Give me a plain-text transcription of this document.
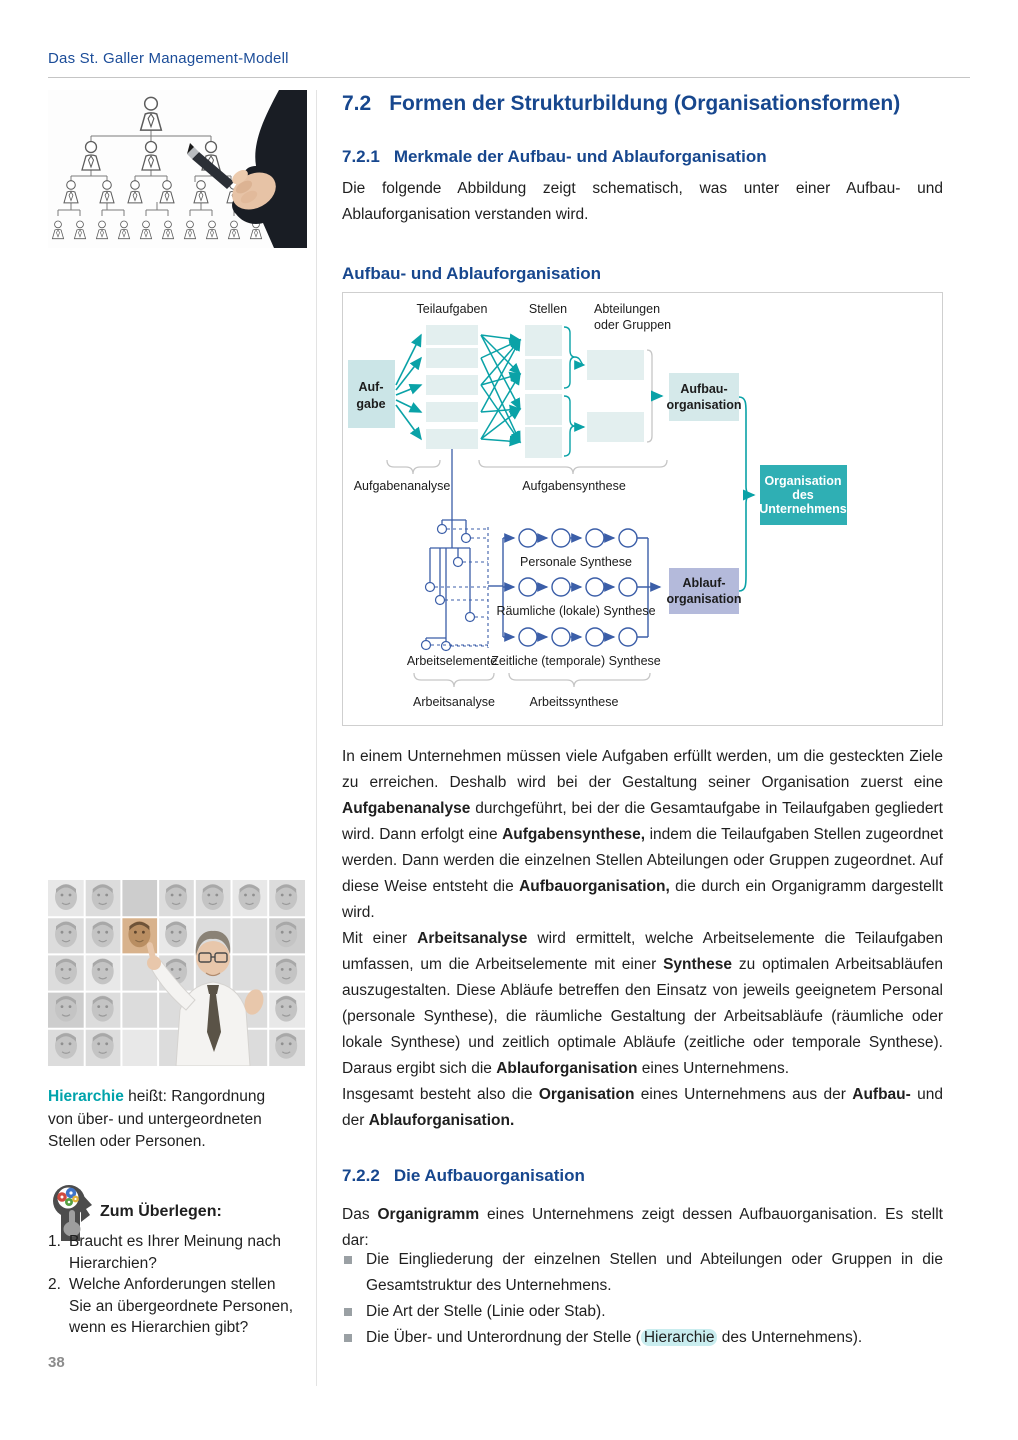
Das St. Galler Management-Modell
7.2 Formen der Strukturbildung (Organisationsformen)
7.2.1 Merkmale der Aufbau- und Ablauforganisation
Die folgende Abbildung zeigt schematisch, was unter einer Aufbau- und Ablauforganisation verstanden wird.
Aufbau- und Ablauforganisation
Teilaufgaben	Stellen Abteilungen
oder Gruppen
Auf-
gabe
Aufbau-
organisation
Organisation
des
Unternehmens
Ablauf-
organisation
Aufgabenanalyse	Aufgabensynthese
Personale Synthese
Räumliche (lokale) Synthese
Zeitliche (temporale) Synthese
Arbeitselemente
Arbeitsanalyse	Arbeitssynthese
In einem Unternehmen müssen viele Aufgaben erfüllt werden, um die gesteckten Ziele zu erreichen. Deshalb wird bei der Gestaltung seiner Organisation zuerst eine Aufgabenanalyse durchgeführt, bei der die Gesamtaufgabe in Teilaufgaben gegliedert wird. Dann erfolgt eine Aufgabensynthese, indem die Teilaufgaben Stellen zugeordnet werden. Dann werden die einzelnen Stellen Abteilungen oder Gruppen zugeordnet. Auf diese Weise entsteht die Aufbauorganisation, die durch ein Organigramm dargestellt wird.
Mit einer Arbeitsanalyse wird ermittelt, welche Arbeitselemente die Teilaufgaben umfassen, um die Arbeitselemente mit einer Synthese zu optimalen Arbeitsabläufen auszugestalten. Diese Abläufe betreffen den Einsatz von jeweils geeignetem Personal (personale Synthese), die räumliche Gestaltung der Arbeitsabläufe (räumliche oder lokale Synthese) und zeitlich optimale Abläufe (zeitliche oder temporale Synthese). Daraus ergibt sich die Ablauforganisation eines Unternehmens.
Insgesamt besteht also die Organisation eines Unternehmens aus der Aufbau- und der Ablauforganisation.
7.2.2 Die Aufbauorganisation
Das Organigramm eines Unternehmens zeigt dessen Aufbauorganisation. Es stellt dar:
Die Eingliederung der einzelnen Stellen und Abteilungen oder Gruppen in die Gesamtstruktur des Unternehmens.
Die Art der Stelle (Linie oder Stab).
Die Über- und Unterordnung der Stelle ( Hierarchie des Unternehmens).
Hierarchie heißt: Rangordnung von über- und untergeordneten Stellen oder Personen.
Zum Überlegen:
1. Braucht es Ihrer Meinung nach Hierarchien?
2. Welche Anforderungen stellen Sie an übergeordnete Personen, wenn es Hierarchien gibt?
38
